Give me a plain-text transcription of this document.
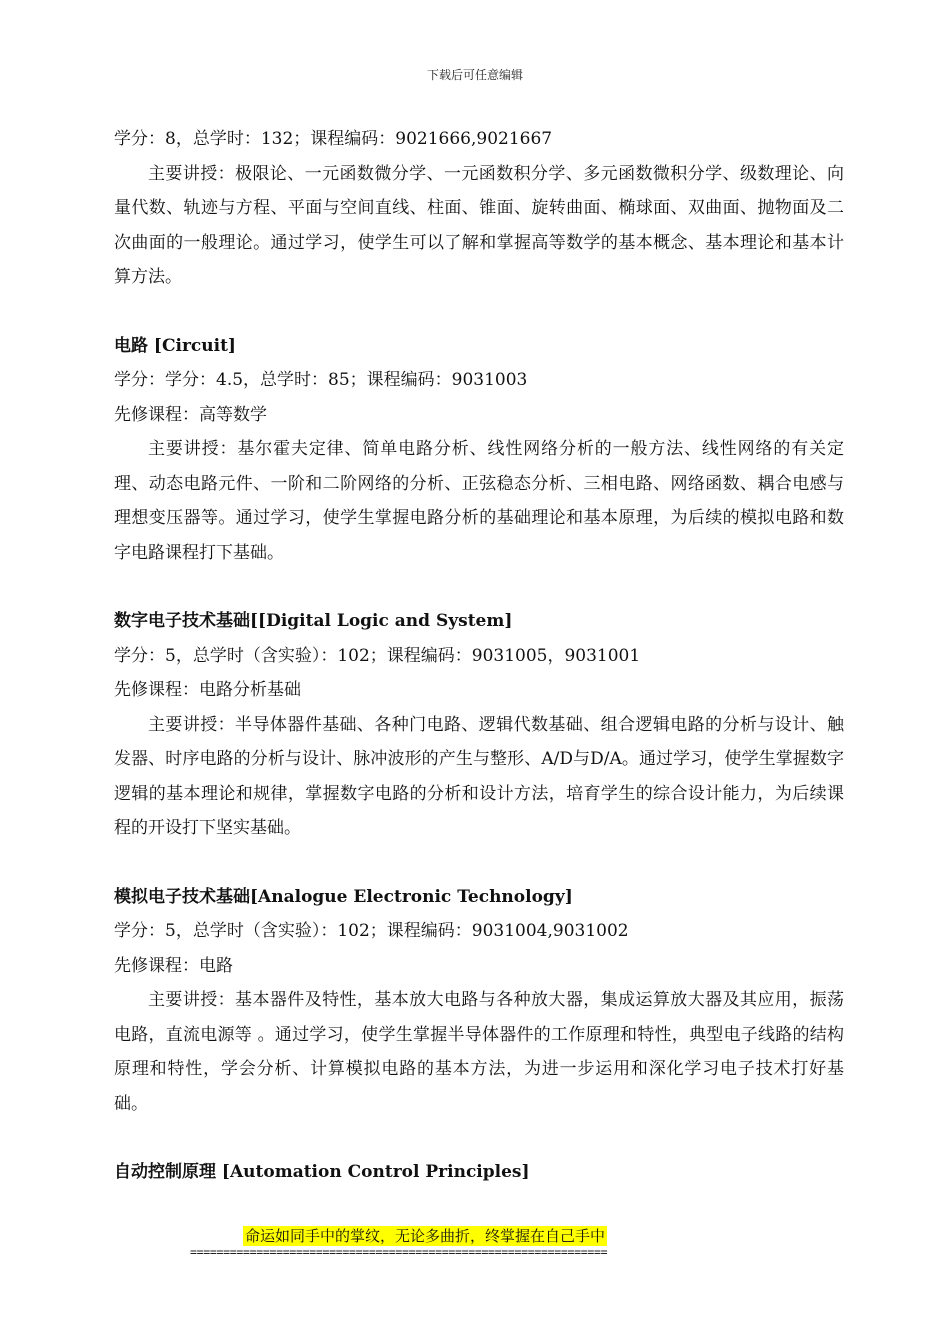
下载后可任意编辑
学分：8，总学时：132；课程编码：9021666,9021667

主要讲授：极限论、一元函数微分学、一元函数积分学、多元函数微积分学、级数理论、向量代数、轨迹与方程、平面与空间直线、柱面、锥面、旋转曲面、椭球面、双曲面、抛物面及二次曲面的一般理论。通过学习，使学生可以了解和掌握高等数学的基本概念、基本理论和基本计算方法。

电路 [Circuit]
学分：学分：4.5，总学时：85；课程编码：9031003
先修课程：高等数学

主要讲授：基尔霍夫定律、简单电路分析、线性网络分析的一般方法、线性网络的有关定理、动态电路元件、一阶和二阶网络的分析、正弦稳态分析、三相电路、网络函数、耦合电感与理想变压器等。通过学习，使学生掌握电路分析的基础理论和基本原理，为后续的模拟电路和数字电路课程打下基础。

数字电子技术基础[[Digital Logic and System]
学分：5，总学时（含实验）：102；课程编码：9031005，9031001
先修课程：电路分析基础

主要讲授：半导体器件基础、各种门电路、逻辑代数基础、组合逻辑电路的分析与设计、触发器、时序电路的分析与设计、脉冲波形的产生与整形、A/D与D/A。通过学习，使学生掌握数字逻辑的基本理论和规律，掌握数字电路的分析和设计方法，培育学生的综合设计能力，为后续课程的开设打下坚实基础。

模拟电子技术基础[Analogue Electronic Technology]
学分：5，总学时（含实验）：102；课程编码：9031004,9031002
先修课程：电路

主要讲授：基本器件及特性，基本放大电路与各种放大器，集成运算放大器及其应用，振荡电路，直流电源等 。通过学习，使学生掌握半导体器件的工作原理和特性，典型电子线路的结构原理和特性，学会分析、计算模拟电路的基本方法，为进一步运用和深化学习电子技术打好基础。

自动控制原理 [Automation Control Principles]
命运如同手中的掌纹，无论多曲折，终掌握在自己手中
===============================================================
